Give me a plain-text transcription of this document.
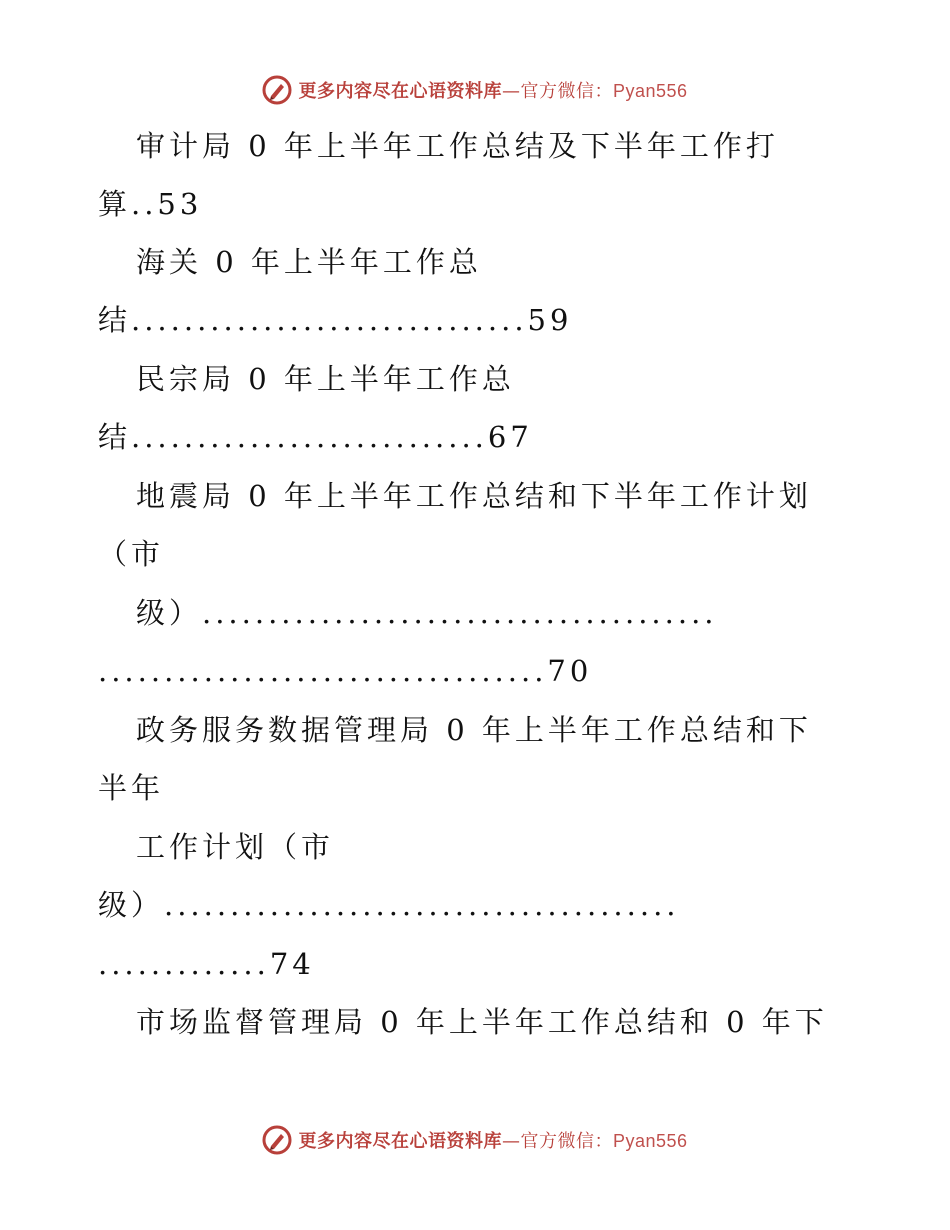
更多内容尽在心语资料库—官方微信：Pyan556
审计局 0 年上半年工作总结及下半年工作打
算..53
海关 0 年上半年工作总
结..............................59
民宗局 0 年上半年工作总
结...........................67
地震局 0 年上半年工作总结和下半年工作计划
（市
级）.......................................
..................................70
政务服务数据管理局 0 年上半年工作总结和下
半年
工作计划（市
级）.......................................
.............74
市场监督管理局 0 年上半年工作总结和 0 年下
更多内容尽在心语资料库—官方微信：Pyan556
